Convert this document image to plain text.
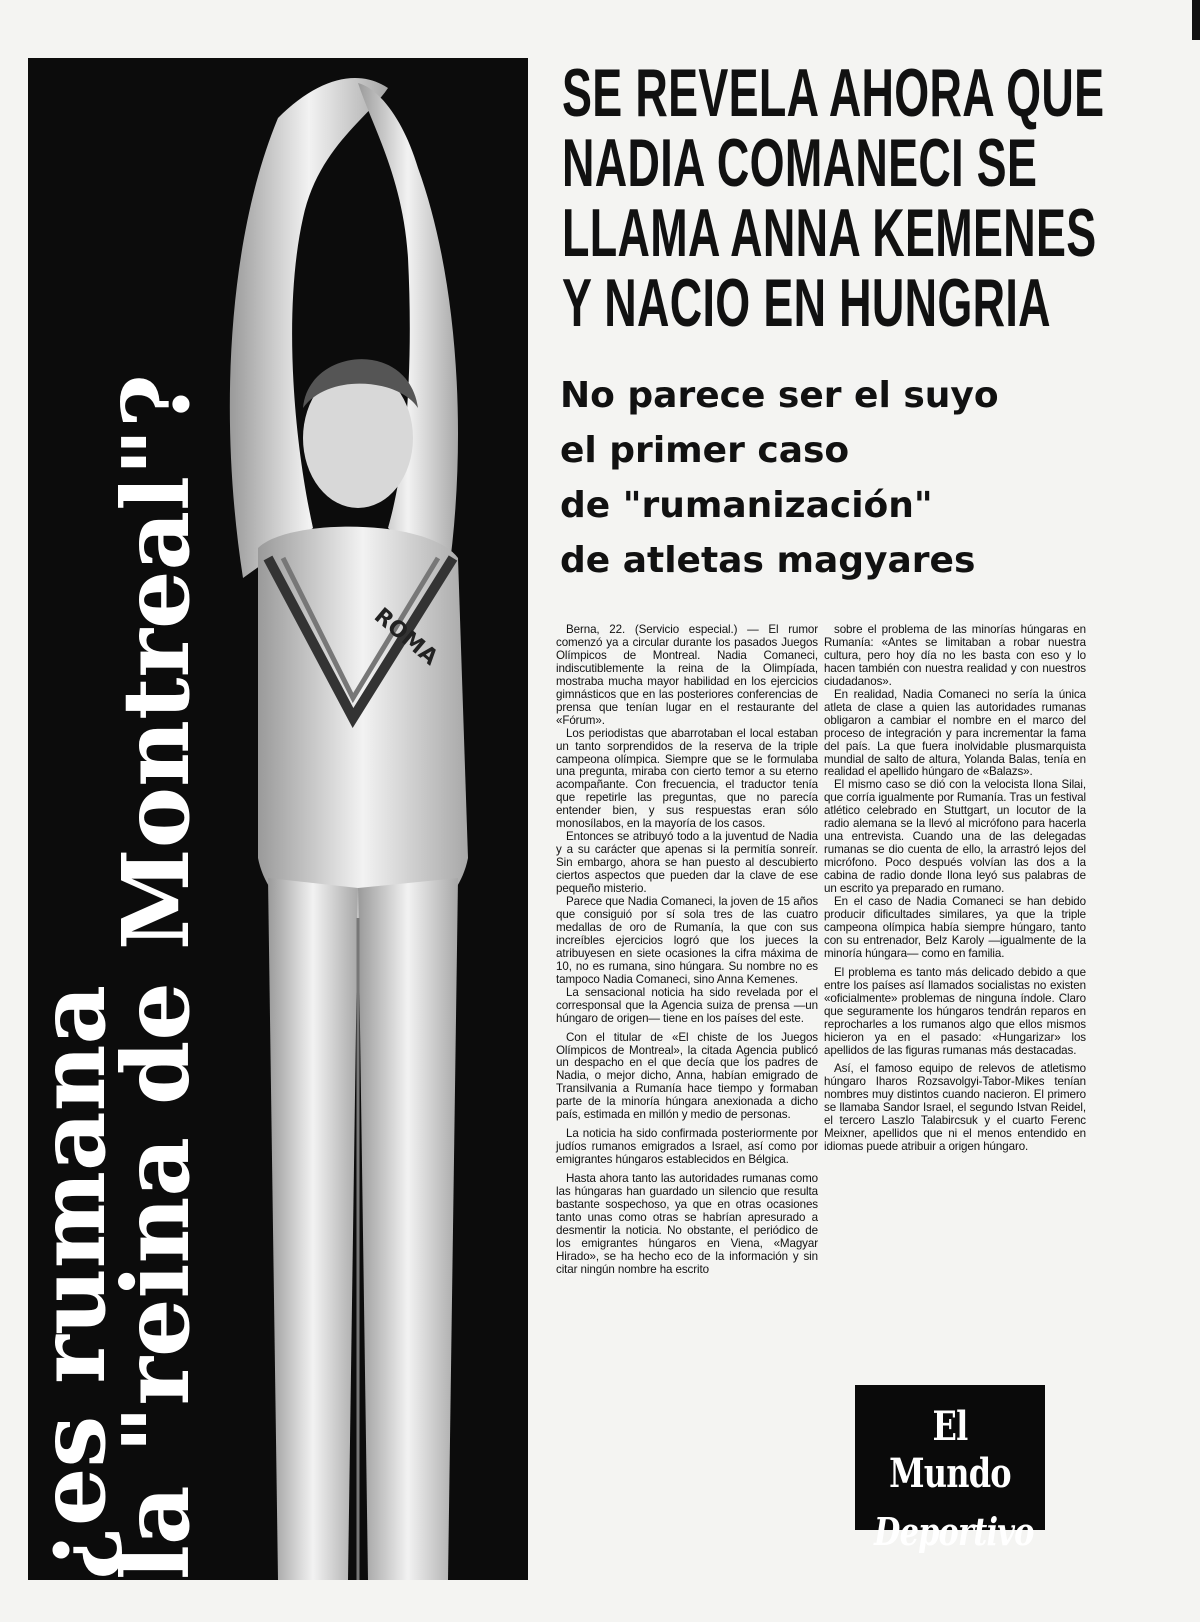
ROMA
¿es rumana
la "reina de Montreal"?
SE REVELA AHORA QUE
NADIA COMANECI SE
LLAMA ANNA KEMENES
Y NACIO EN HUNGRIA
No parece ser el suyo
el primer caso
de "rumanización"
de atletas magyares

Berna, 22. (Servicio especial.) — El rumor comenzó ya a circular durante los pasados Juegos Olímpicos de Montreal. Nadia Comaneci, indiscutiblemente la reina de la Olimpíada, mostraba mucha mayor habilidad en los ejercicios gimnásticos que en las posteriores conferencias de prensa que tenían lugar en el restaurante del «Fórum».

Los periodistas que abarrotaban el local estaban un tanto sorprendidos de la reserva de la triple campeona olímpica. Siempre que se le formulaba una pregunta, miraba con cierto temor a su eterno acompañante. Con frecuencia, el traductor tenía que repetirle las preguntas, que no parecía entender bien, y sus respuestas eran sólo monosílabos, en la mayoría de los casos.

Entonces se atribuyó todo a la juventud de Nadia y a su carácter que apenas si la permitía sonreír. Sin embargo, ahora se han puesto al descubierto ciertos aspectos que pueden dar la clave de ese pequeño misterio.

Parece que Nadia Comaneci, la joven de 15 años que consiguió por sí sola tres de las cuatro medallas de oro de Rumanía, la que con sus increíbles ejercicios logró que los jueces la atribuyesen en siete ocasiones la cifra máxima de 10, no es rumana, sino húngara. Su nombre no es tampoco Nadia Comaneci, sino Anna Kemenes.

La sensacional noticia ha sido revelada por el corresponsal que la Agencia suiza de prensa —un húngaro de origen— tiene en los países del este.

Con el titular de «El chiste de los Juegos Olímpicos de Montreal», la citada Agencia publicó un despacho en el que decía que los padres de Nadia, o mejor dicho, Anna, habían emigrado de Transilvania a Rumanía hace tiempo y formaban parte de la minoría húngara anexionada a dicho país, estimada en millón y medio de personas.

La noticia ha sido confirmada posteriormente por judíos rumanos emigrados a Israel, así como por emigrantes húngaros establecidos en Bélgica.

Hasta ahora tanto las autoridades rumanas como las húngaras han guardado un silencio que resulta bastante sospechoso, ya que en otras ocasiones tanto unas como otras se habrían apresurado a desmentir la noticia. No obstante, el periódico de los emigrantes húngaros en Viena, «Magyar Hirado», se ha hecho eco de la información y sin citar ningún nombre ha escrito

sobre el problema de las minorías húngaras en Rumanía: «Antes se limitaban a robar nuestra cultura, pero hoy día no les basta con eso y lo hacen también con nuestra realidad y con nuestros ciudadanos».

En realidad, Nadia Comaneci no sería la única atleta de clase a quien las autoridades rumanas obligaron a cambiar el nombre en el marco del proceso de integración y para incrementar la fama del país. La que fuera inolvidable plusmarquista mundial de salto de altura, Yolanda Balas, tenía en realidad el apellido húngaro de «Balazs».

El mismo caso se dió con la velocista Ilona Silai, que corría igualmente por Rumanía. Tras un festival atlético celebrado en Stuttgart, un locutor de la radio alemana se la llevó al micrófono para hacerla una entrevista. Cuando una de las delegadas rumanas se dio cuenta de ello, la arrastró lejos del micrófono. Poco después volvían las dos a la cabina de radio donde Ilona leyó sus palabras de un escrito ya preparado en rumano.

En el caso de Nadia Comaneci se han debido producir dificultades similares, ya que la triple campeona olímpica había siempre húngaro, tanto con su entrenador, Belz Karoly —igualmente de la minoría húngara— como en familia.

El problema es tanto más delicado debido a que entre los países así llamados socialistas no existen «oficialmente» problemas de ninguna índole. Claro que seguramente los húngaros tendrán reparos en reprocharles a los rumanos algo que ellos mismos hicieron ya en el pasado: «Hungarizar» los apellidos de las figuras rumanas más destacadas.

Así, el famoso equipo de relevos de atletismo húngaro Iharos Rozsavolgyi-Tabor-Mikes tenían nombres muy distintos cuando nacieron. El primero se llamaba Sandor Israel, el segundo Istvan Reidel, el tercero Laszlo Talabircsuk y el cuarto Ferenc Meixner, apellidos que ni el menos entendido en idiomas puede atribuir a origen húngaro.

El Mundo
Deportivo
